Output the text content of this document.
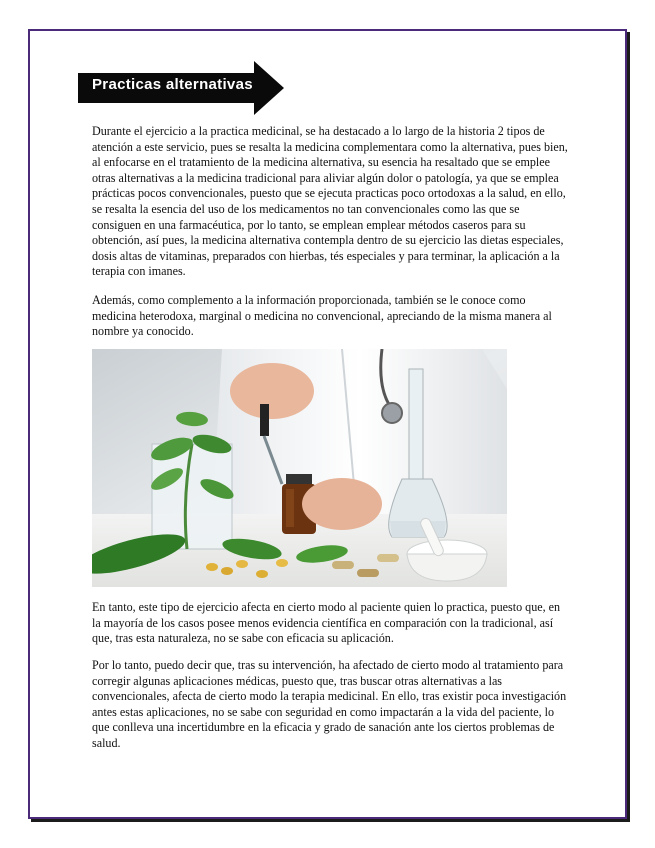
Practicas alternativas

Durante el ejercicio a la practica medicinal, se ha destacado a lo largo de la historia 2 tipos de atención a este servicio, pues se resalta la medicina complementara como la alternativa, pues bien, al enfocarse en el tratamiento de la medicina alternativa, su esencia ha resaltado que se emplee otras alternativas a la medicina tradicional para aliviar algún dolor o patología, ya que se emplea prácticas pocos convencionales, puesto que se ejecuta practicas poco ortodoxas a la salud, en ello, se resalta la esencia del uso de los medicamentos no tan convencionales como las que se consiguen en una farmacéutica, por lo tanto, se emplean emplear métodos caseros para su obtención, así pues, la medicina alternativa contempla dentro de su ejercicio las dietas especiales, dosis altas de vitaminas, preparados con hierbas, tés especiales y para terminar, la aplicación a la terapia con imanes.

Además, como complemento a la información proporcionada, también se le conoce como medicina heterodoxa, marginal o medicina no convencional, apreciando de la misma manera al nombre ya conocido.

En tanto, este tipo de ejercicio afecta en cierto modo al paciente quien lo practica, puesto que, en la mayoría de los casos posee menos evidencia científica en comparación con la tradicional, así que, tras esta naturaleza, no se sabe con eficacia su aplicación.

Por lo tanto, puedo decir que, tras su intervención, ha afectado de cierto modo al tratamiento para corregir algunas aplicaciones médicas, puesto que, tras buscar otras alternativas a las convencionales, afecta de cierto modo la terapia medicinal. En ello, tras existir poca investigación antes estas aplicaciones, no se sabe con seguridad en como impactarán a la vida del paciente, lo que conlleva una incertidumbre en la eficacia y grado de sanación ante los ciertos problemas de salud.
